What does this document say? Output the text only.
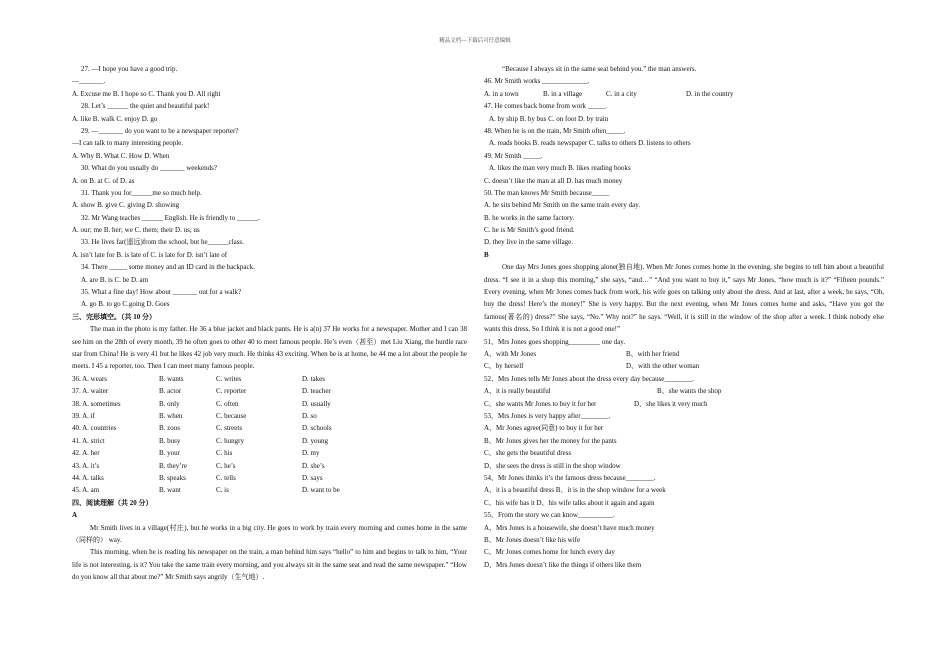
精品文档---下载后可任意编辑
27. —I hope you have a good trip.
—_______.
A. Excuse me B. I hope so C. Thank you D. All right
28. Let’s ______ the quiet and beautiful park!
A. like B. walk C. enjoy D. go
29. —_______ do you want to be a newspaper reporter?
—I can talk to many interesting people.
A. Why B. What C. How D. When
30. What do you usually do _______ weekends?
A. on B. at C. of D. as
31. Thank you for______me so much help.
A. show B. give C. giving D. showing
32. Mr Wang teaches ______ English. He is friendly to ______.
A. our; me B. her; we C. them; their D. us; us
33. He lives far(遥远)from the school, but he______class.
A. isn’t late for B. is late of C. is late for D. isn’t late of
34. There _____ some money and an ID card in the backpack.
A. are B. is C. be D. am
35. What a fine day! How about _______ out for a walk?
A. go B. to go C.going D. Goes
三、完形填空。（共 10 分）
The man in the photo is my father. He 36 a blue jacket and black pants. He is a(n) 37 He works for a newspaper. Mother and I can 38 see him on the 28th of every month, 39 he often goes to other 40 to meet famous people. He’s even（甚至）met Liu Xiang, the hurdle race star from China! He is very 41 but he likes 42 job very much. He thinks 43 exciting. When he is at home, he 44 me a lot about the people he meets. I 45 a reporter, too. Then I can meet many famous people.
36. A. wears	B. wants	C. writes	D. takes
37. A. waiter	B. actor	C. reporter	D. teacher
38. A. sometimes	B. only	C. often	D. usually
39. A. if	B. when	C. because	D. so
40. A. countries	B. zoos	C. streets	D. schools
41. A. strict	B. busy	C. hungry	D. young
42. A. her	B. your	C. his	D. my
43. A. it’s	B. they’re	C. he’s	D. she’s
44. A. talks	B. speaks	C. tells	D. says
45. A. am	B. want	C. is	D. want to be
四、阅读理解（共 20 分）
A
Mr Smith lives in a village(村庄), but he works in a big city. He goes to work by train every morning and comes home in the same（同样的） way.
This morning, when he is reading his newspaper on the train, a man behind him says “hello” to him and begins to talk to him, “Your life is not interesting, is it? You take the same train every morning, and you always sit in the same seat and read the same newspaper.” “How do you know all that about me?” Mr Smith says angrily（生气地）.
“Because I always sit in the same seat behind you.” the man answers.
46. Mr Smith works _____________.
A. in a town	B. in a village	C. in a city	D. in the country
47. He comes back home from work _____.
A. by ship B. by bus C. on foot D. by train
48. When he is on the train, Mr Smith often_____.
A. reads books B. reads newspaper C. talks to others D. listens to others
49. Mr Smith _____.
A. likes the man very much B. likes reading books
C. doesn’t like the man at all D. has much money
50. The man knows Mr Smith because_____
A. he sits behind Mr Smith on the same train every day.
B. he works in the same factory.
C. he is Mr Smith’s good friend.
D. they live in the same village.
B
One day Mrs Jones goes shopping alone(独自地). When Mr Jones comes home in the evening, she begins to tell him about a beautiful dress. “I see it in a shop this morning,” she says, “and…” “And you want to buy it,” says Mr Jones, “how much is it?” “Fifteen pounds.” Every evening, when Mr Jones comes back from work, his wife goes on talking only about the dress. And at last, after a week, he says, “Oh, buy the dress! Here’s the money!” She is very happy. But the next evening, when Mr Jones comes home and asks, “Have you got the famous(著名的) dress?” She says, “No.” Why not?” he says. “Well, it is still in the window of the shop after a week. I think nobody else wants this dress. So I think it is not a good one!”
51、Mrs Jones goes shopping_________ one day.
A、with Mr Jones	B、with her friend
C、by herself	D、with the other woman
52、Mrs Jones tells Mr Jones about the dress every day because________.
A、it is really beautiful	B、she wants the shop
C、she wants Mr Jones to buy it for her	D、she likes it very much
53、Mrs Jones is very happy after________.
A、Mr Jones agree(同意) to buy it for her
B、Mr Jones gives her the money for the pants
C、she gets the beautiful dress
D、she sees the dress is still in the shop window
54、Mr Jones thinks it’s the famous dress because________.
A、it is a beautiful dress B、it is in the shop window for a week
C、his wife has it D、his wife talks about it again and again
55、From the story we can know__________.
A、Mrs Jones is a housewife, she doesn’t have much money
B、Mr Jones doesn’t like his wife
C、Mr Jones comes home for lunch every day
D、Mrs Jones doesn’t like the things if others like them
